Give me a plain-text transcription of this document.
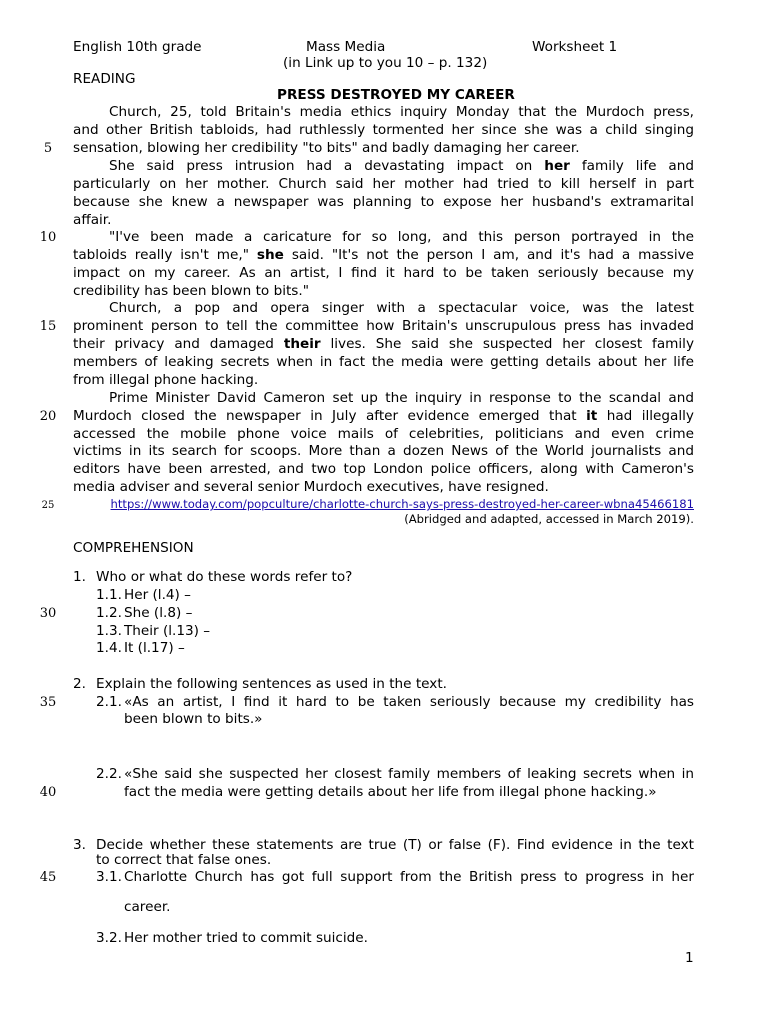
English 10th grade	Mass Media	Worksheet 1
(in Link up to you 10 – p. 132)
READING
PRESS DESTROYED MY CAREER
Church, 25, told Britain's media ethics inquiry Monday that the Murdoch press,
and other British tabloids, had ruthlessly tormented her since she was a child singing
sensation, blowing her credibility "to bits" and badly damaging her career.
She said press intrusion had a devastating impact on her family life and
particularly on her mother. Church said her mother had tried to kill herself in part
because she knew a newspaper was planning to expose her husband's extramarital
affair.
"I've been made a caricature for so long, and this person portrayed in the
tabloids really isn't me," she said. "It's not the person I am, and it's had a massive
impact on my career. As an artist, I find it hard to be taken seriously because my
credibility has been blown to bits."
Church, a pop and opera singer with a spectacular voice, was the latest
prominent person to tell the committee how Britain's unscrupulous press has invaded
their privacy and damaged their lives. She said she suspected her closest family
members of leaking secrets when in fact the media were getting details about her life
from illegal phone hacking.
Prime Minister David Cameron set up the inquiry in response to the scandal and
Murdoch closed the newspaper in July after evidence emerged that it had illegally
accessed the mobile phone voice mails of celebrities, politicians and even crime
victims in its search for scoops. More than a dozen News of the World journalists and
editors have been arrested, and two top London police officers, along with Cameron's
media adviser and several senior Murdoch executives, have resigned.
https://www.today.com/popculture/charlotte-church-says-press-destroyed-her-career-wbna45466181
(Abridged and adapted, accessed in March 2019).
COMPREHENSION
1. Who or what do these words refer to?
1.1. Her (l.4) –
1.2. She (l.8) –
1.3. Their (l.13) –
1.4. It (l.17) –
2. Explain the following sentences as used in the text.
2.1. «As an artist, I find it hard to be taken seriously because my credibility has
been blown to bits.»
2.2. «She said she suspected her closest family members of leaking secrets when in
fact the media were getting details about her life from illegal phone hacking.»
3. Decide whether these statements are true (T) or false (F). Find evidence in the text
to correct that false ones.
3.1. Charlotte Church has got full support from the British press to progress in her
career.
3.2. Her mother tried to commit suicide.
5
10
15
20
25
30
35
40
45
1
